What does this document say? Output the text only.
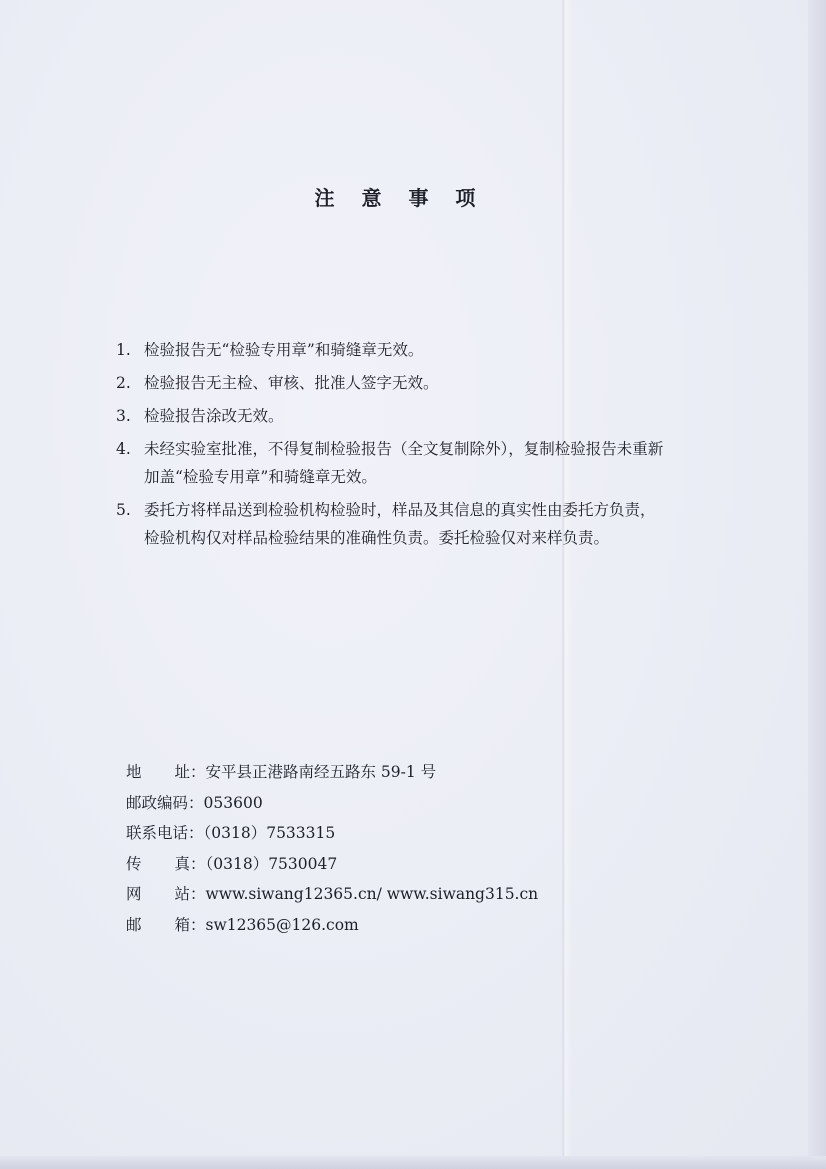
注 意 事 项
1. 检验报告无“检验专用章”和骑缝章无效。
2. 检验报告无主检、审核、批准人签字无效。
3. 检验报告涂改无效。
4. 未经实验室批准，不得复制检验报告（全文复制除外），复制检验报告未重新
加盖“检验专用章”和骑缝章无效。
5. 委托方将样品送到检验机构检验时，样品及其信息的真实性由委托方负责，
检验机构仅对样品检验结果的准确性负责。委托检验仅对来样负责。
地 址 ：安平县正港路南经五路东 59-1 号
邮政编码：053600
联系电话：（0318）7533315
传 真 ：（0318）7530047
网 站 ：www.siwang12365.cn/ www.siwang315.cn
邮 箱 ：sw12365@126.com
